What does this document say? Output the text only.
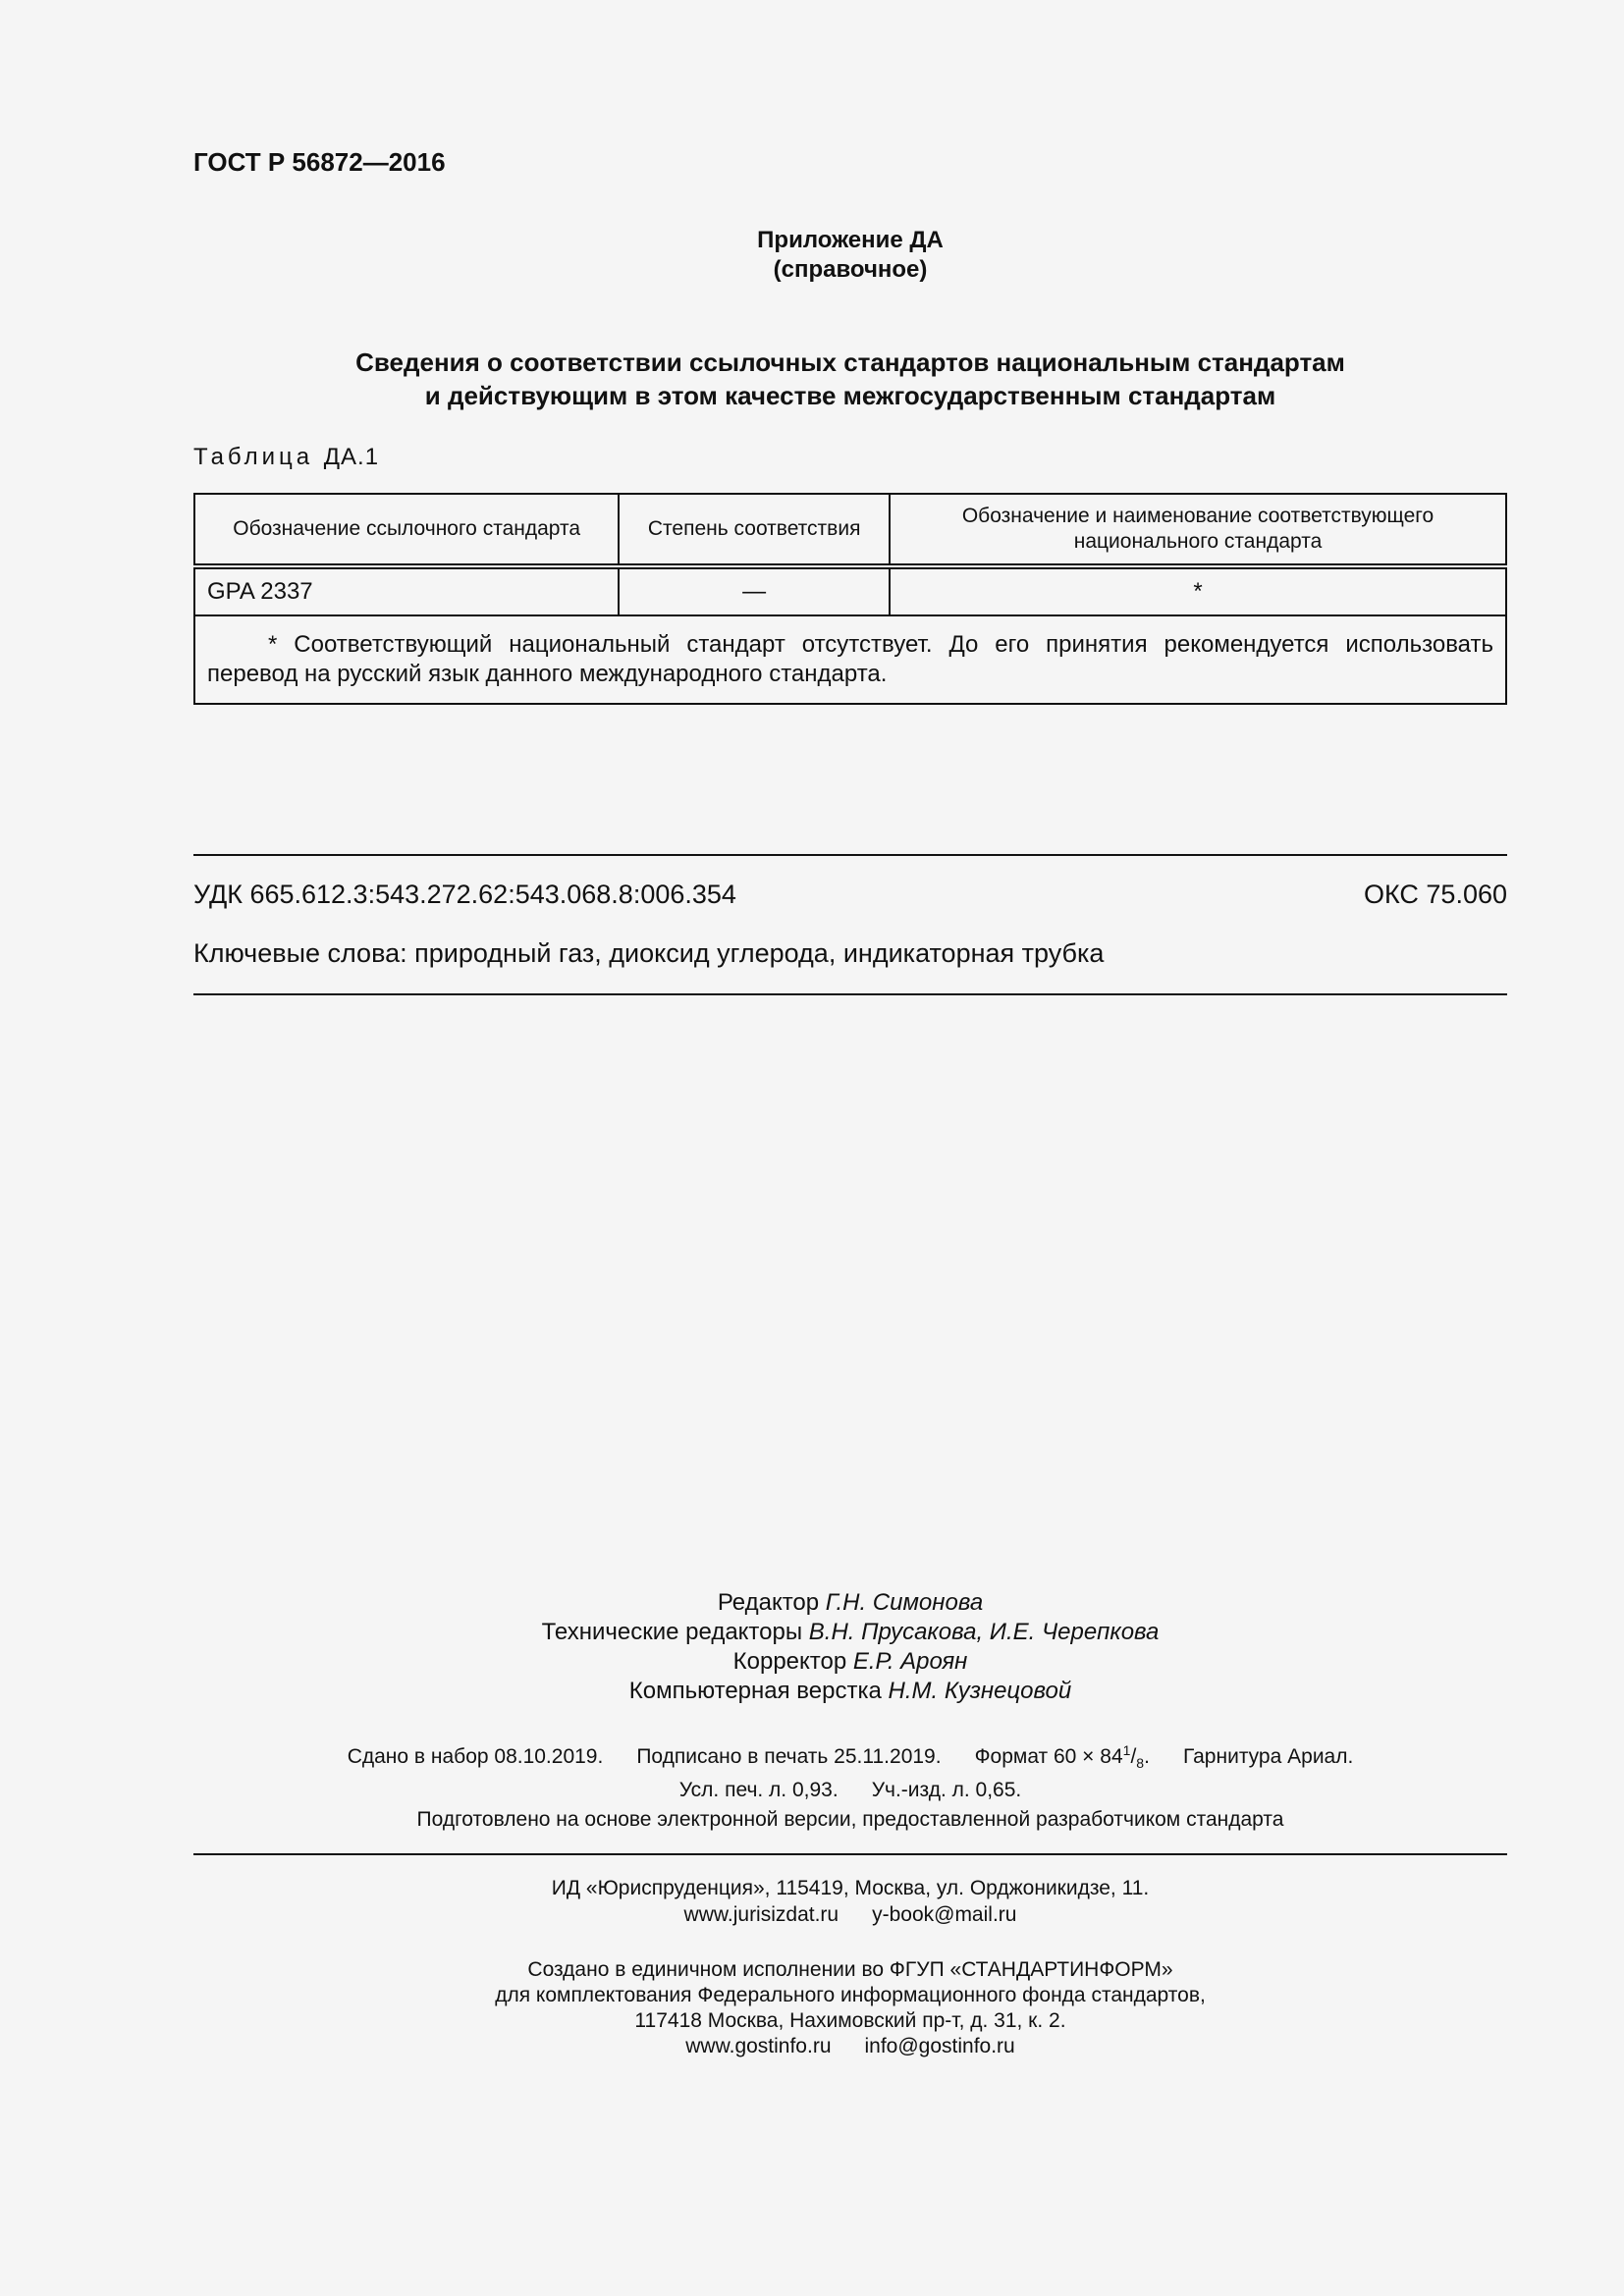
ГОСТ Р 56872—2016
Приложение ДА
(справочное)
Сведения о соответствии ссылочных стандартов национальным стандартам
и действующим в этом качестве межгосударственным стандартам
Таблица ДА.1
Обозначение ссылочного стандарта	Степень соответствия	Обозначение и наименование соответствующего национального стандарта
GPA 2337	—	*
* Соответствующий национальный стандарт отсутствует. До его принятия рекомендуется использовать перевод на русский язык данного международного стандарта.		
УДК 665.612.3:543.272.62:543.068.8:006.354	ОКС 75.060
Ключевые слова: природный газ, диоксид углерода, индикаторная трубка
Редактор Г.Н. Симонова
Технические редакторы В.Н. Прусакова, И.Е. Черепкова
Корректор Е.Р. Ароян
Компьютерная верстка Н.М. Кузнецовой
Сдано в набор 08.10.2019. Подписано в печать 25.11.2019. Формат $60 \times 84^1/_8$. Гарнитура Ариал.
Усл. печ. л. 0,93. Уч.-изд. л. 0,65.
Подготовлено на основе электронной версии, предоставленной разработчиком стандарта
ИД «Юриспруденция», 115419, Москва, ул. Орджоникидзе, 11.
www.jurisizdat.ru y-book@mail.ru
Создано в единичном исполнении во ФГУП «СТАНДАРТИНФОРМ»
для комплектования Федерального информационного фонда стандартов,
117418 Москва, Нахимовский пр-т, д. 31, к. 2.
www.gostinfo.ru info@gostinfo.ru
